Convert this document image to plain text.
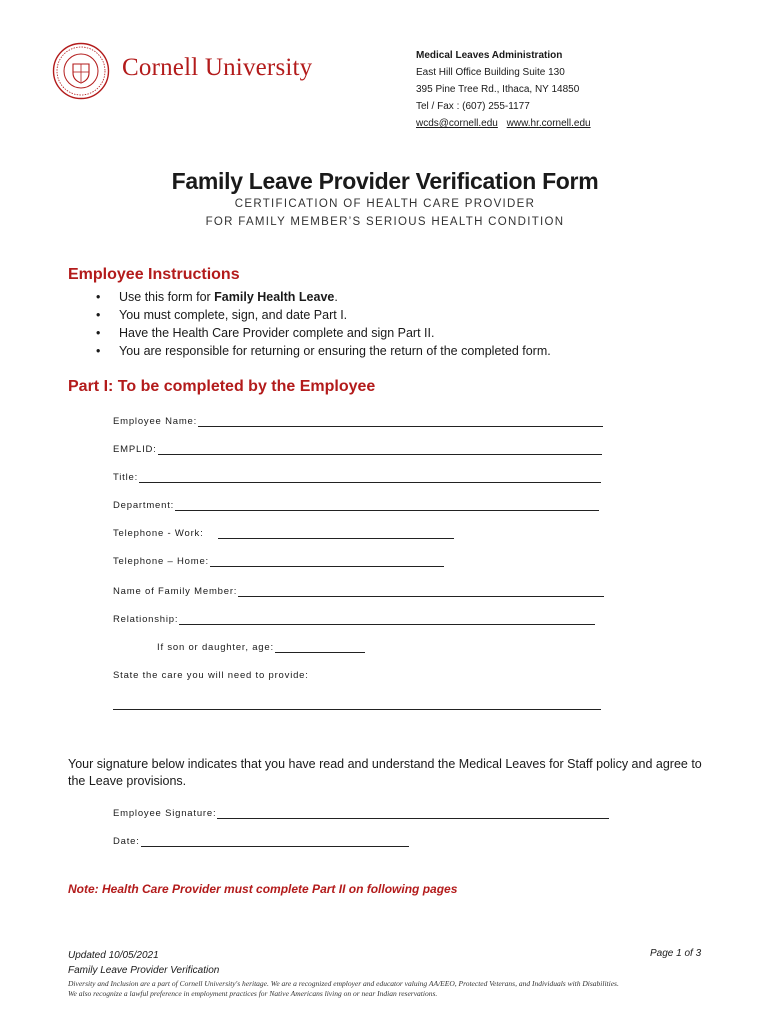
Cornell University	Medical Leaves Administration
East Hill Office Building Suite 130
395 Pine Tree Rd., Ithaca, NY 14850
Tel / Fax : (607) 255-1177
wcds@cornell.edu www.hr.cornell.edu
Family Leave Provider Verification Form
CERTIFICATION OF HEALTH CARE PROVIDER
FOR FAMILY MEMBER’S SERIOUS HEALTH CONDITION
Employee Instructions
• Use this form for Family Health Leave.
• You must complete, sign, and date Part I.
• Have the Health Care Provider complete and sign Part II.
• You are responsible for returning or ensuring the return of the completed form.
Part I: To be completed by the Employee
Employee Name:
EMPLID:
Title:
Department:
Telephone - Work:
Telephone – Home:
Name of Family Member:
Relationship:
If son or daughter, age:
State the care you will need to provide:
Your signature below indicates that you have read and understand the Medical Leaves for Staff policy and agree to the Leave provisions.
Employee Signature:
Date:
Note: Health Care Provider must complete Part II on following pages
Updated 10/05/2021
Family Leave Provider Verification
Page 1 of 3
Diversity and Inclusion are a part of Cornell University's heritage. We are a recognized employer and educator valuing AA/EEO, Protected Veterans, and Individuals with Disabilities. We also recognize a lawful preference in employment practices for Native Americans living on or near Indian reservations.
